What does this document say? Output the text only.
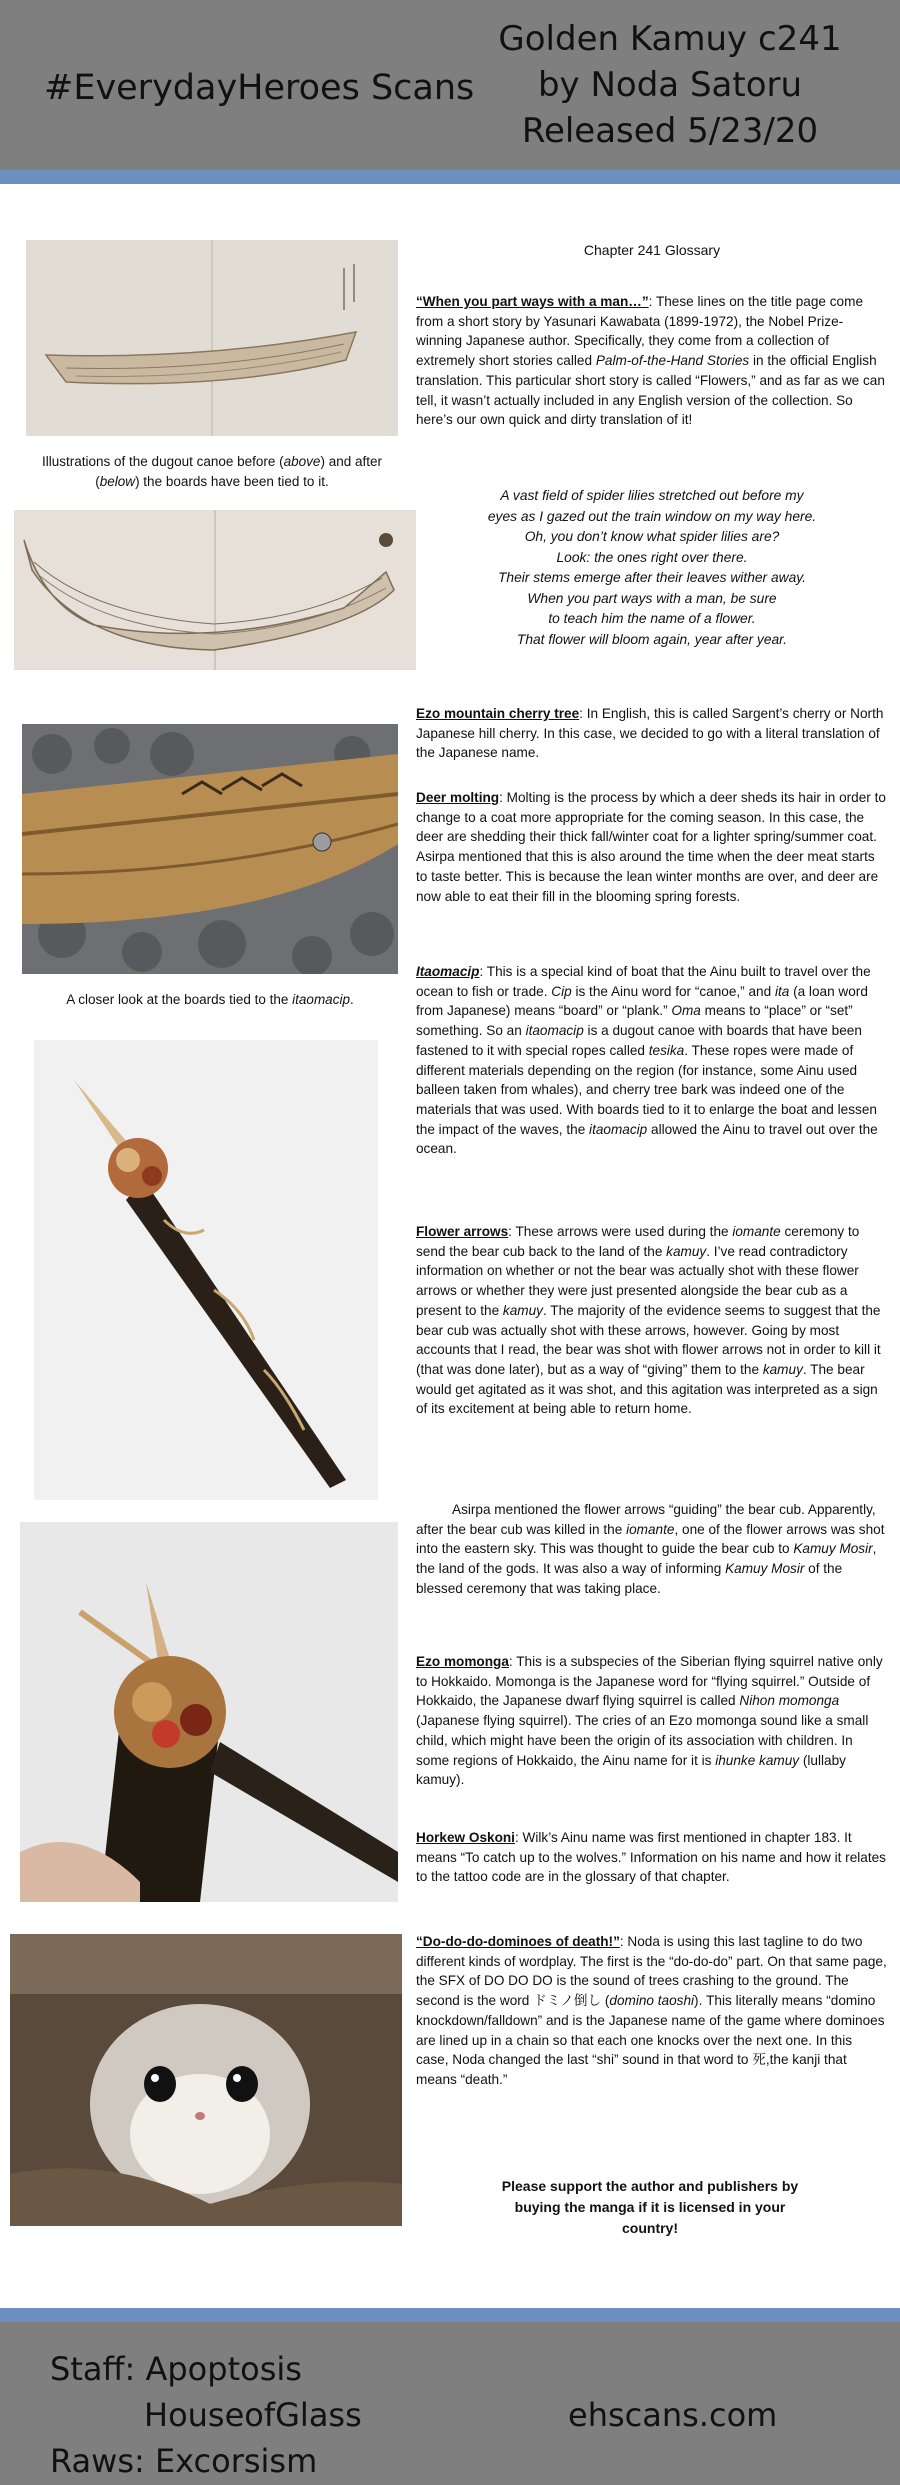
#EverydayHeroes Scans
Golden Kamuy c241
by Noda Satoru
Released 5/23/20
Illustrations of the dugout canoe before (above) and after (below) the boards have been tied to it.
A closer look at the boards tied to the itaomacip.
Chapter 241 Glossary
“When you part ways with a man…”: These lines on the title page come from a short story by Yasunari Kawabata (1899-1972), the Nobel Prize-winning Japanese author. Specifically, they come from a collection of extremely short stories called Palm-of-the-Hand Stories in the official English translation. This particular short story is called “Flowers,” and as far as we can tell, it wasn’t actually included in any English version of the collection. So here’s our own quick and dirty translation of it!
A vast field of spider lilies stretched out before my
eyes as I gazed out the train window on my way here.
Oh, you don’t know what spider lilies are?
Look: the ones right over there.
Their stems emerge after their leaves wither away.
When you part ways with a man, be sure
to teach him the name of a flower.
That flower will bloom again, year after year.
Ezo mountain cherry tree: In English, this is called Sargent’s cherry or North Japanese hill cherry. In this case, we decided to go with a literal translation of the Japanese name.
Deer molting: Molting is the process by which a deer sheds its hair in order to change to a coat more appropriate for the coming season. In this case, the deer are shedding their thick fall/winter coat for a lighter spring/summer coat. Asirpa mentioned that this is also around the time when the deer meat starts to taste better. This is because the lean winter months are over, and deer are now able to eat their fill in the blooming spring forests.
Itaomacip: This is a special kind of boat that the Ainu built to travel over the ocean to fish or trade. Cip is the Ainu word for “canoe,” and ita (a loan word from Japanese) means “board” or “plank.” Oma means to “place” or “set” something. So an itaomacip is a dugout canoe with boards that have been fastened to it with special ropes called tesika. These ropes were made of different materials depending on the region (for instance, some Ainu used balleen taken from whales), and cherry tree bark was indeed one of the materials that was used. With boards tied to it to enlarge the boat and lessen the impact of the waves, the itaomacip allowed the Ainu to travel out over the ocean.
Flower arrows: These arrows were used during the iomante ceremony to send the bear cub back to the land of the kamuy. I’ve read contradictory information on whether or not the bear was actually shot with these flower arrows or whether they were just presented alongside the bear cub as a present to the kamuy. The majority of the evidence seems to suggest that the bear cub was actually shot with these arrows, however. Going by most accounts that I read, the bear was shot with flower arrows not in order to kill it (that was done later), but as a way of “giving” them to the kamuy. The bear would get agitated as it was shot, and this agitation was interpreted as a sign of its excitement at being able to return home.
Asirpa mentioned the flower arrows “guiding” the bear cub. Apparently, after the bear cub was killed in the iomante, one of the flower arrows was shot into the eastern sky. This was thought to guide the bear cub to Kamuy Mosir, the land of the gods. It was also a way of informing Kamuy Mosir of the blessed ceremony that was taking place.
Ezo momonga: This is a subspecies of the Siberian flying squirrel native only to Hokkaido. Momonga is the Japanese word for “flying squirrel.” Outside of Hokkaido, the Japanese dwarf flying squirrel is called Nihon momonga (Japanese flying squirrel). The cries of an Ezo momonga sound like a small child, which might have been the origin of its association with children. In some regions of Hokkaido, the Ainu name for it is ihunke kamuy (lullaby kamuy).
Horkew Oskoni: Wilk’s Ainu name was first mentioned in chapter 183. It means “To catch up to the wolves.” Information on his name and how it relates to the tattoo code are in the glossary of that chapter.
“Do-do-do-dominoes of death!”: Noda is using this last tagline to do two different kinds of wordplay. The first is the “do-do-do” part. On that same page, the SFX of DO DO DO is the sound of trees crashing to the ground. The second is the word ドミノ倒し (domino taoshi). This literally means “domino knockdown/falldown” and is the Japanese name of the game where dominoes are lined up in a chain so that each one knocks over the next one. In this case, Noda changed the last “shi” sound in that word to 死,the kanji that means “death.”
Please support the author and publishers by buying the manga if it is licensed in your country!
Staff: Apoptosis
HouseofGlass
Raws: Excorsism
ehscans.com
